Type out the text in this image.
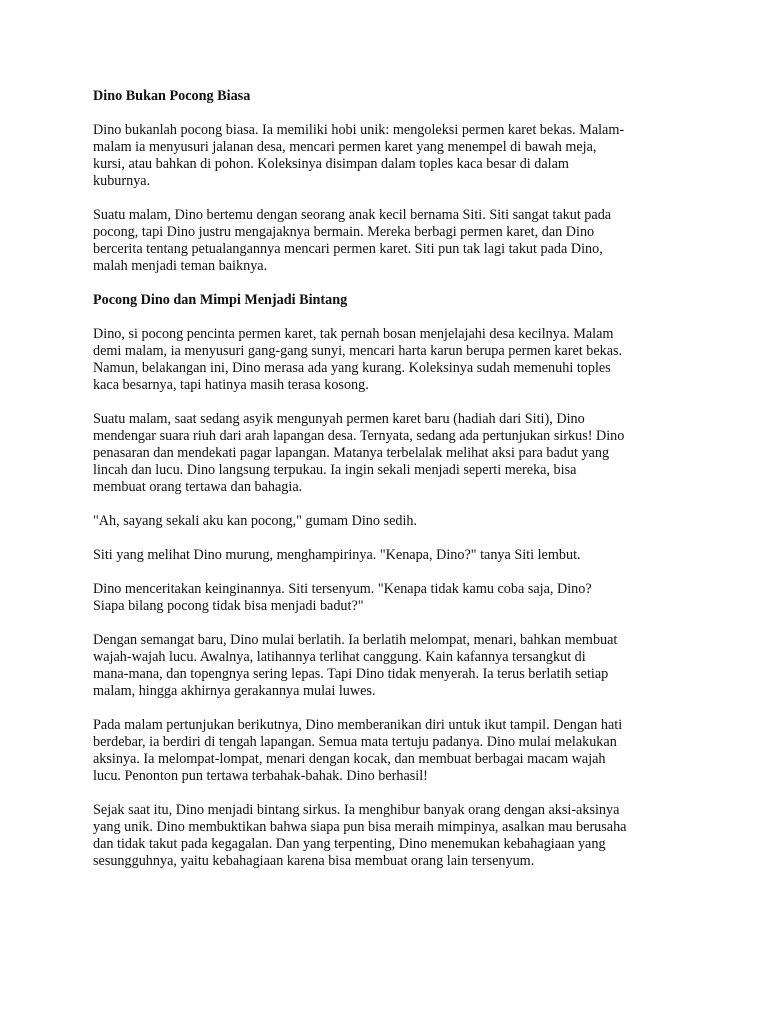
Dino Bukan Pocong Biasa
Dino bukanlah pocong biasa. Ia memiliki hobi unik: mengoleksi permen karet bekas. Malam-
malam ia menyusuri jalanan desa, mencari permen karet yang menempel di bawah meja,
kursi, atau bahkan di pohon. Koleksinya disimpan dalam toples kaca besar di dalam
kuburnya.
Suatu malam, Dino bertemu dengan seorang anak kecil bernama Siti. Siti sangat takut pada
pocong, tapi Dino justru mengajaknya bermain. Mereka berbagi permen karet, dan Dino
bercerita tentang petualangannya mencari permen karet. Siti pun tak lagi takut pada Dino,
malah menjadi teman baiknya.
Pocong Dino dan Mimpi Menjadi Bintang
Dino, si pocong pencinta permen karet, tak pernah bosan menjelajahi desa kecilnya. Malam
demi malam, ia menyusuri gang-gang sunyi, mencari harta karun berupa permen karet bekas.
Namun, belakangan ini, Dino merasa ada yang kurang. Koleksinya sudah memenuhi toples
kaca besarnya, tapi hatinya masih terasa kosong.
Suatu malam, saat sedang asyik mengunyah permen karet baru (hadiah dari Siti), Dino
mendengar suara riuh dari arah lapangan desa. Ternyata, sedang ada pertunjukan sirkus! Dino
penasaran dan mendekati pagar lapangan. Matanya terbelalak melihat aksi para badut yang
lincah dan lucu. Dino langsung terpukau. Ia ingin sekali menjadi seperti mereka, bisa
membuat orang tertawa dan bahagia.
"Ah, sayang sekali aku kan pocong," gumam Dino sedih.
Siti yang melihat Dino murung, menghampirinya. "Kenapa, Dino?" tanya Siti lembut.
Dino menceritakan keinginannya. Siti tersenyum. "Kenapa tidak kamu coba saja, Dino?
Siapa bilang pocong tidak bisa menjadi badut?"
Dengan semangat baru, Dino mulai berlatih. Ia berlatih melompat, menari, bahkan membuat
wajah-wajah lucu. Awalnya, latihannya terlihat canggung. Kain kafannya tersangkut di
mana-mana, dan topengnya sering lepas. Tapi Dino tidak menyerah. Ia terus berlatih setiap
malam, hingga akhirnya gerakannya mulai luwes.
Pada malam pertunjukan berikutnya, Dino memberanikan diri untuk ikut tampil. Dengan hati
berdebar, ia berdiri di tengah lapangan. Semua mata tertuju padanya. Dino mulai melakukan
aksinya. Ia melompat-lompat, menari dengan kocak, dan membuat berbagai macam wajah
lucu. Penonton pun tertawa terbahak-bahak. Dino berhasil!
Sejak saat itu, Dino menjadi bintang sirkus. Ia menghibur banyak orang dengan aksi-aksinya
yang unik. Dino membuktikan bahwa siapa pun bisa meraih mimpinya, asalkan mau berusaha
dan tidak takut pada kegagalan. Dan yang terpenting, Dino menemukan kebahagiaan yang
sesungguhnya, yaitu kebahagiaan karena bisa membuat orang lain tersenyum.
